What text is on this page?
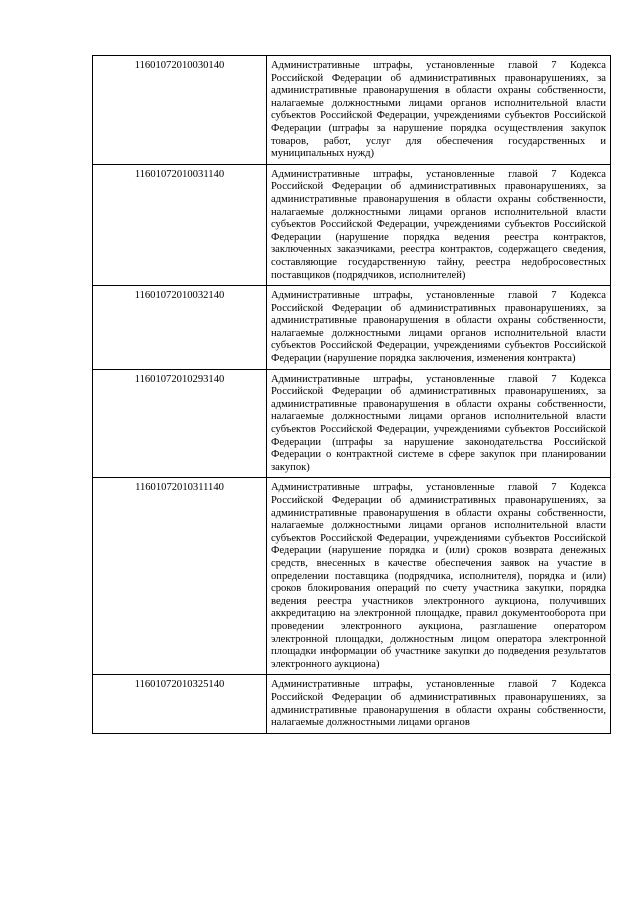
11601072010030140	Административные штрафы, установленные главой 7 Кодекса Российской Федерации об административных правонарушениях, за административные правонарушения в области охраны собственности, налагаемые должностными лицами органов исполнительной власти субъектов Российской Федерации, учреждениями субъектов Российской Федерации (штрафы за нарушение порядка осуществления закупок товаров, работ, услуг для обеспечения государственных и муниципальных нужд)
11601072010031140	Административные штрафы, установленные главой 7 Кодекса Российской Федерации об административных правонарушениях, за административные правонарушения в области охраны собственности, налагаемые должностными лицами органов исполнительной власти субъектов Российской Федерации, учреждениями субъектов Российской Федерации (нарушение порядка ведения реестра контрактов, заключенных заказчиками, реестра контрактов, содержащего сведения, составляющие государственную тайну, реестра недобросовестных поставщиков (подрядчиков, исполнителей)
11601072010032140	Административные штрафы, установленные главой 7 Кодекса Российской Федерации об административных правонарушениях, за административные правонарушения в области охраны собственности, налагаемые должностными лицами органов исполнительной власти субъектов Российской Федерации, учреждениями субъектов Российской Федерации (нарушение порядка заключения, изменения контракта)
11601072010293140	Административные штрафы, установленные главой 7 Кодекса Российской Федерации об административных правонарушениях, за административные правонарушения в области охраны собственности, налагаемые должностными лицами органов исполнительной власти субъектов Российской Федерации, учреждениями субъектов Российской Федерации (штрафы за нарушение законодательства Российской Федерации о контрактной системе в сфере закупок при планировании закупок)
11601072010311140	Административные штрафы, установленные главой 7 Кодекса Российской Федерации об административных правонарушениях, за административные правонарушения в области охраны собственности, налагаемые должностными лицами органов исполнительной власти субъектов Российской Федерации, учреждениями субъектов Российской Федерации (нарушение порядка и (или) сроков возврата денежных средств, внесенных в качестве обеспечения заявок на участие в определении поставщика (подрядчика, исполнителя), порядка и (или) сроков блокирования операций по счету участника закупки, порядка ведения реестра участников электронного аукциона, получивших аккредитацию на электронной площадке, правил документооборота при проведении электронного аукциона, разглашение оператором электронной площадки, должностным лицом оператора электронной площадки информации об участнике закупки до подведения результатов электронного аукциона)
11601072010325140	Административные штрафы, установленные главой 7 Кодекса Российской Федерации об административных правонарушениях, за административные правонарушения в области охраны собственности, налагаемые должностными лицами органов
